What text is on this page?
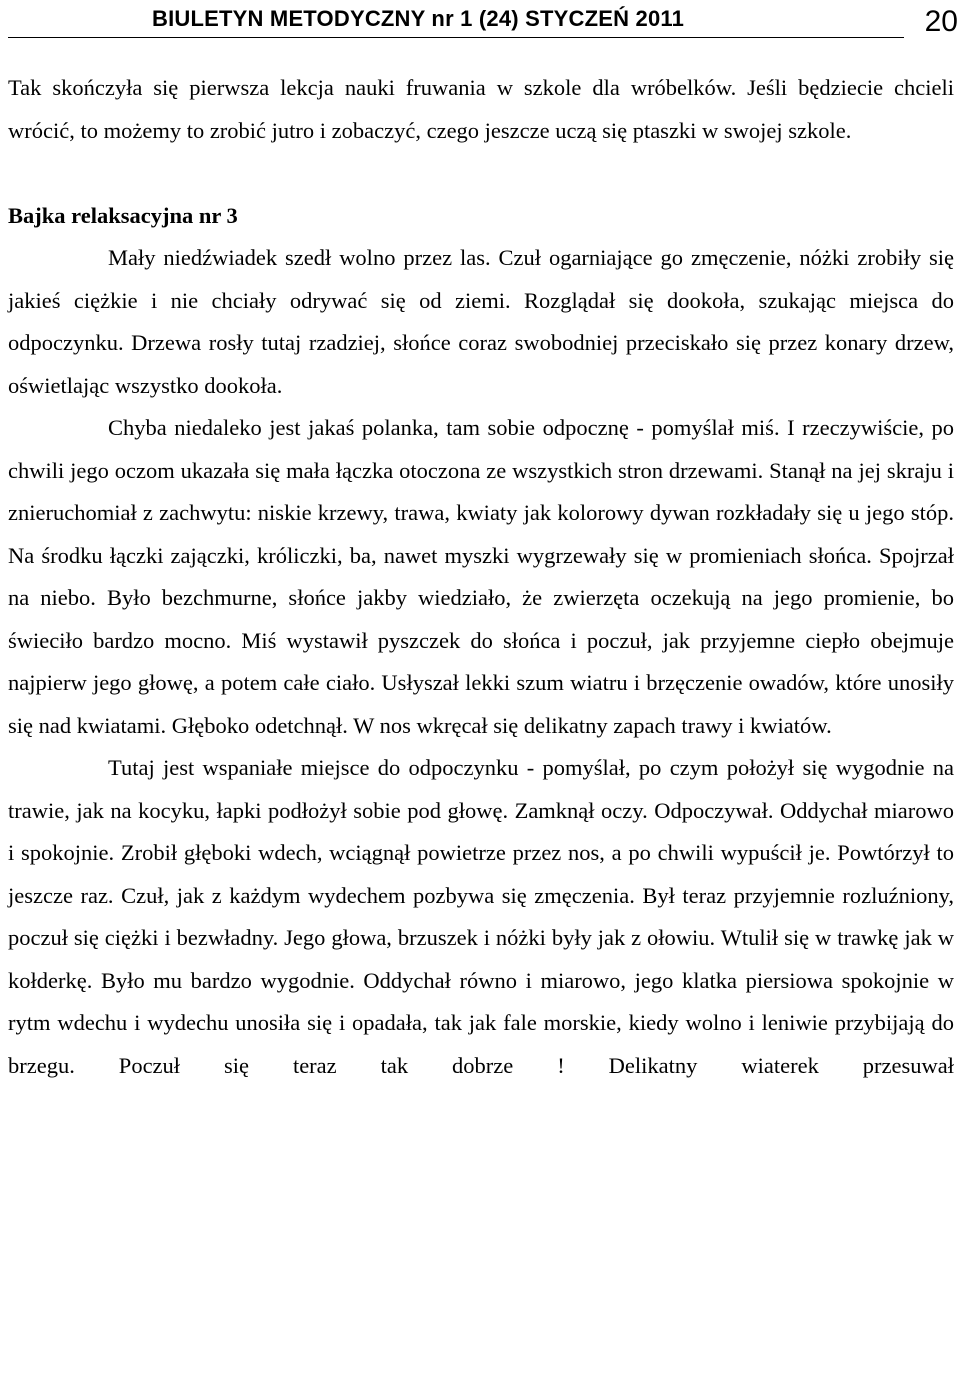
BIULETYN METODYCZNY nr 1 (24) STYCZEŃ 2011	20

Tak skończyła się pierwsza lekcja nauki fruwania w szkole dla wróbelków. Jeśli będziecie chcieli wrócić, to możemy to zrobić jutro i zobaczyć, czego jeszcze uczą się ptaszki w swojej szkole.

Bajka relaksacyjna nr 3

Mały niedźwiadek szedł wolno przez las. Czuł ogarniające go zmęczenie, nóżki zrobiły się jakieś ciężkie i nie chciały odrywać się od ziemi. Rozglądał się dookoła, szukając miejsca do odpoczynku. Drzewa rosły tutaj rzadziej, słońce coraz swobodniej przeciskało się przez konary drzew, oświetlając wszystko dookoła.

Chyba niedaleko jest jakaś polanka, tam sobie odpocznę - pomyślał miś. I rzeczywiście, po chwili jego oczom ukazała się mała łączka otoczona ze wszystkich stron drzewami. Stanął na jej skraju i znieruchomiał z zachwytu: niskie krzewy, trawa, kwiaty jak kolorowy dywan rozkładały się u jego stóp. Na środku łączki zajączki, króliczki, ba, nawet myszki wygrzewały się w promieniach słońca. Spojrzał na niebo. Było bezchmurne, słońce jakby wiedziało, że zwierzęta oczekują na jego promienie, bo świeciło bardzo mocno. Miś wystawił pyszczek do słońca i poczuł, jak przyjemne ciepło obejmuje najpierw jego głowę, a potem całe ciało. Usłyszał lekki szum wiatru i brzęczenie owadów, które unosiły się nad kwiatami. Głęboko odetchnął. W nos wkręcał się delikatny zapach trawy i kwiatów.

Tutaj jest wspaniałe miejsce do odpoczynku - pomyślał, po czym położył się wygodnie na trawie, jak na kocyku, łapki podłożył sobie pod głowę. Zamknął oczy. Odpoczywał. Oddychał miarowo i spokojnie. Zrobił głęboki wdech, wciągnął powietrze przez nos, a po chwili wypuścił je. Powtórzył to jeszcze raz. Czuł, jak z każdym wydechem pozbywa się zmęczenia. Był teraz przyjemnie rozluźniony, poczuł się ciężki i bezwładny. Jego głowa, brzuszek i nóżki były jak z ołowiu. Wtulił się w trawkę jak w kołderkę. Było mu bardzo wygodnie. Oddychał równo i miarowo, jego klatka piersiowa spokojnie w rytm wdechu i wydechu unosiła się i opadała, tak jak fale morskie, kiedy wolno i leniwie przybijają do brzegu. Poczuł się teraz tak dobrze ! Delikatny wiaterek przesuwał
